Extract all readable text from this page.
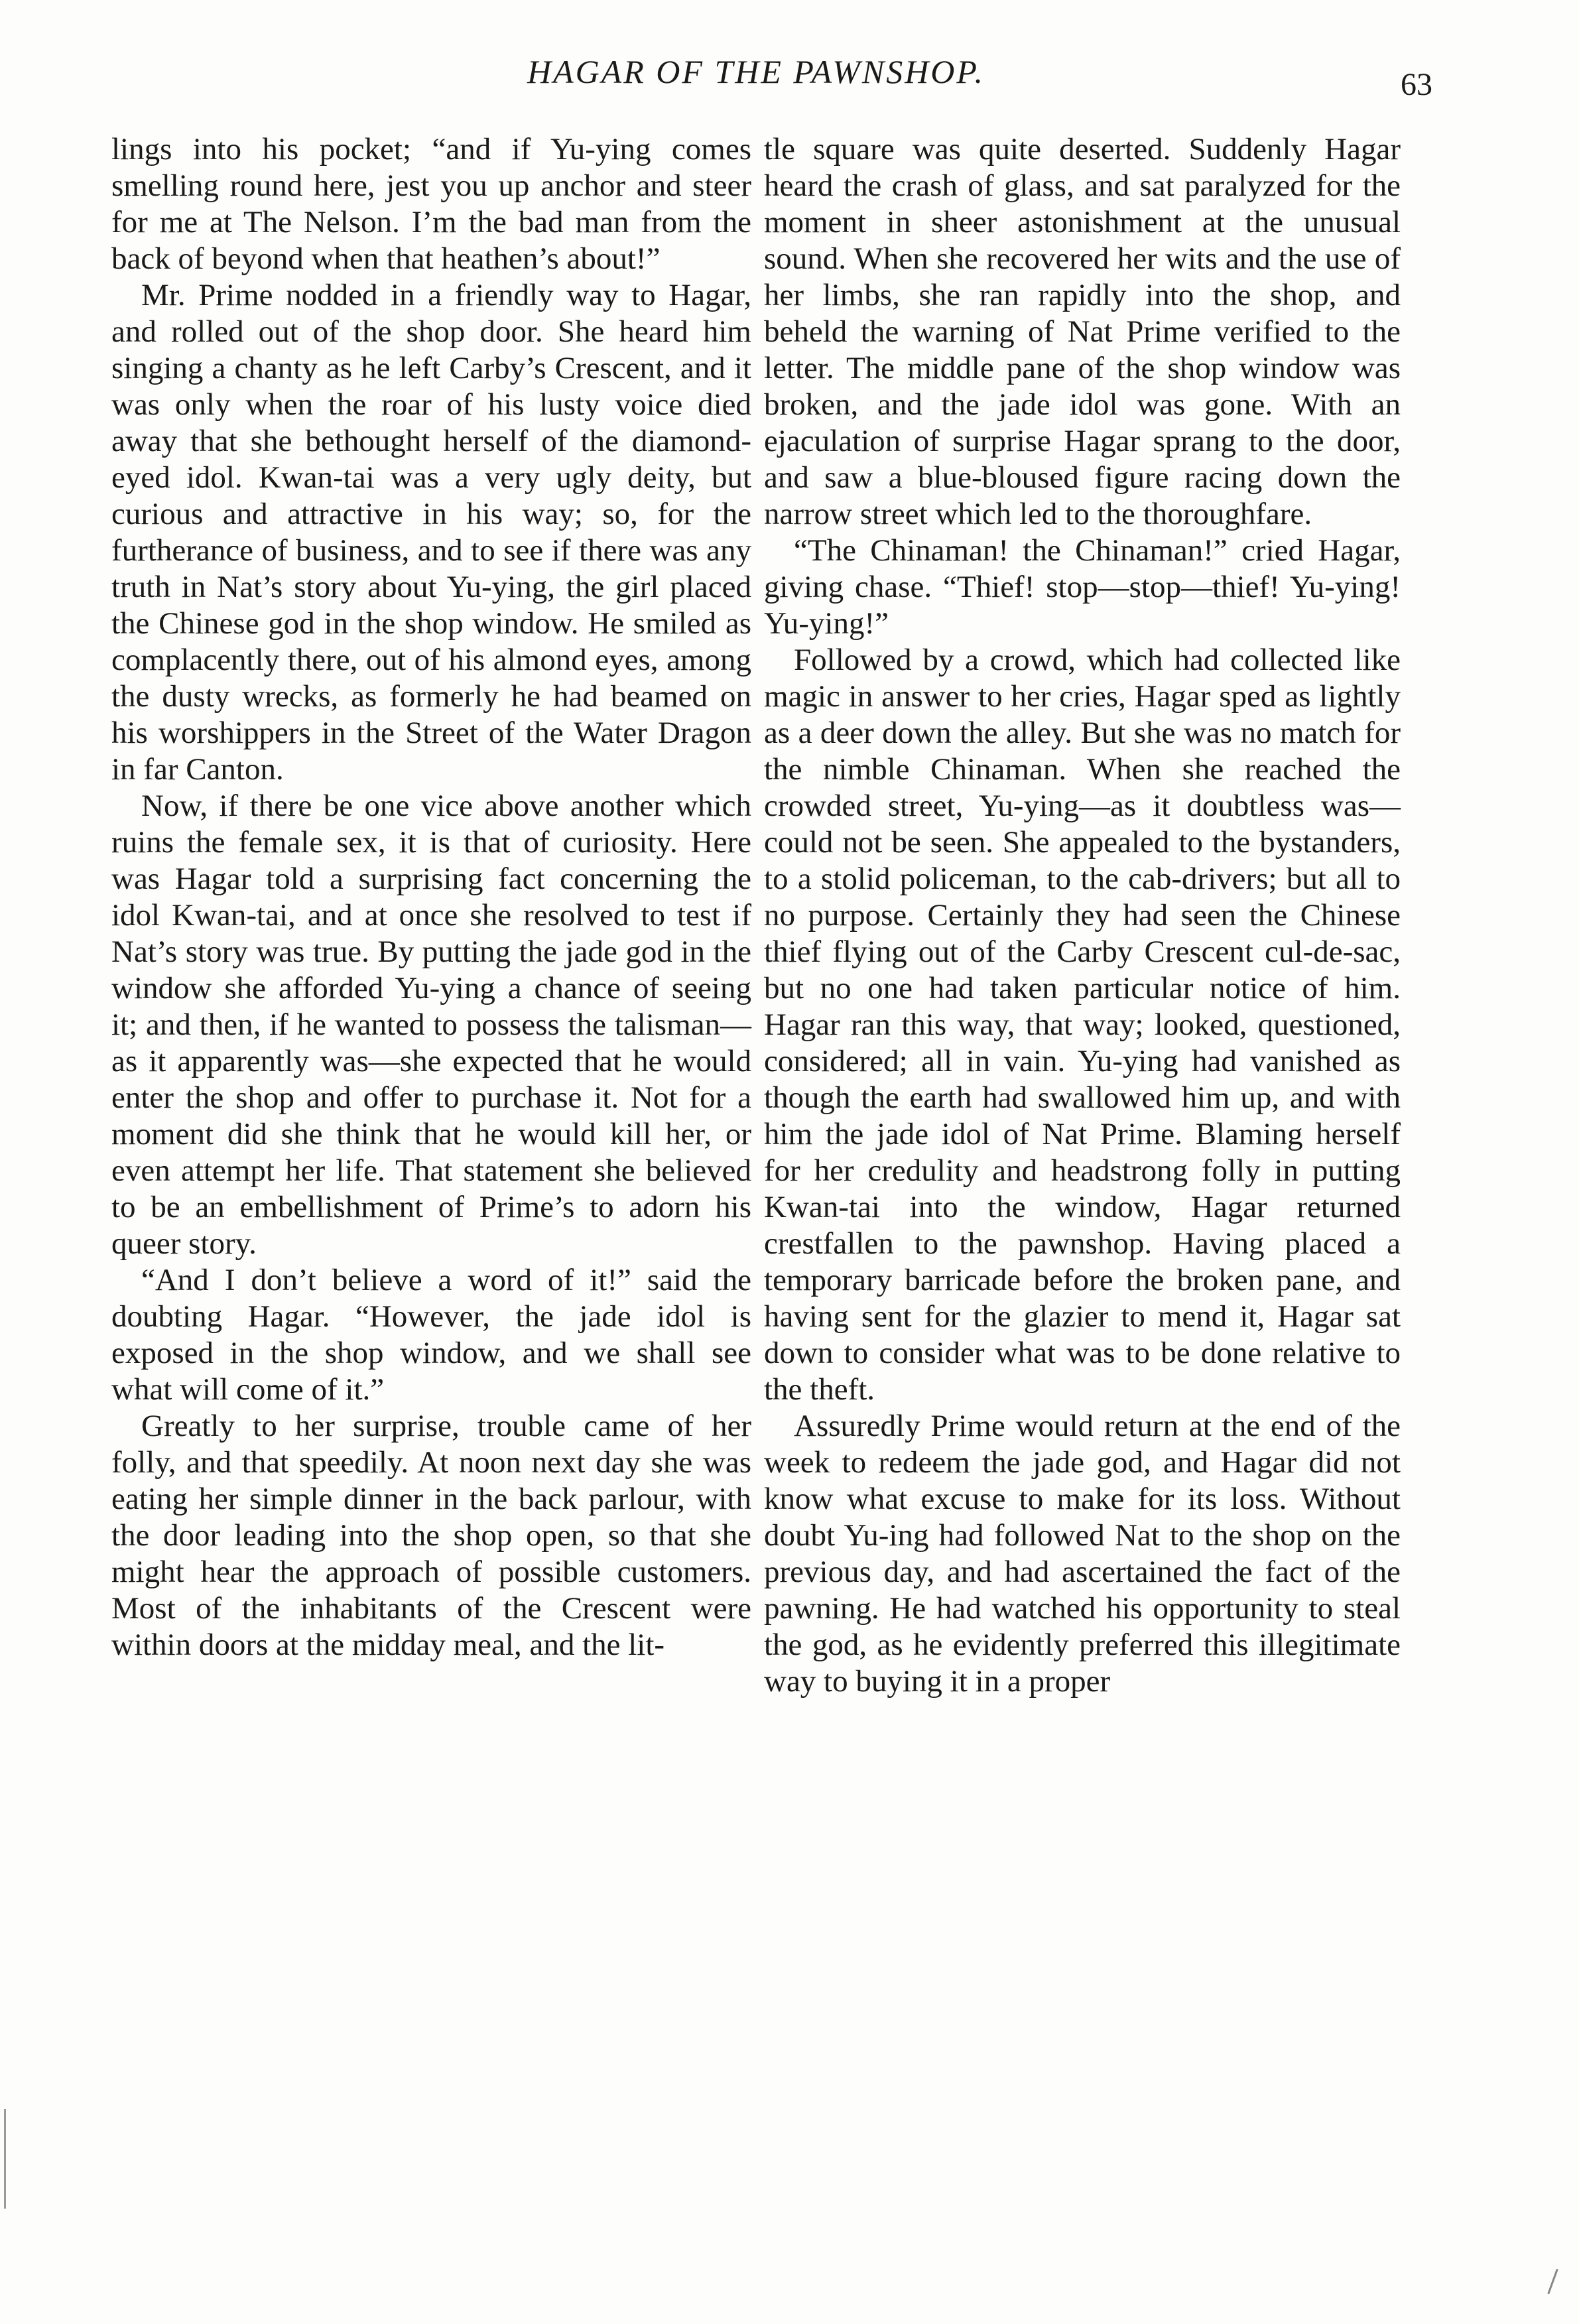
HAGAR OF THE PAWNSHOP.	63

lings into his pocket; “and if Yu-ying comes smelling round here, jest you up anchor and steer for me at The Nelson. I’m the bad man from the back of beyond when that heathen’s about!”

Mr. Prime nodded in a friendly way to Hagar, and rolled out of the shop door. She heard him singing a chanty as he left Carby’s Crescent, and it was only when the roar of his lusty voice died away that she bethought herself of the diamond-eyed idol. Kwan-tai was a very ugly deity, but curious and attractive in his way; so, for the furtherance of business, and to see if there was any truth in Nat’s story about Yu-ying, the girl placed the Chinese god in the shop window. He smiled as complacently there, out of his almond eyes, among the dusty wrecks, as formerly he had beamed on his worshippers in the Street of the Water Dragon in far Canton.

Now, if there be one vice above another which ruins the female sex, it is that of curiosity. Here was Hagar told a surprising fact concerning the idol Kwan-tai, and at once she resolved to test if Nat’s story was true. By putting the jade god in the window she afforded Yu-ying a chance of seeing it; and then, if he wanted to possess the talisman—as it apparently was—she expected that he would enter the shop and offer to purchase it. Not for a moment did she think that he would kill her, or even attempt her life. That statement she believed to be an embellishment of Prime’s to adorn his queer story.

“And I don’t believe a word of it!” said the doubting Hagar. “However, the jade idol is exposed in the shop window, and we shall see what will come of it.”

Greatly to her surprise, trouble came of her folly, and that speedily. At noon next day she was eating her simple dinner in the back parlour, with the door leading into the shop open, so that she might hear the approach of possible customers. Most of the inhabitants of the Crescent were within doors at the midday meal, and the lit-

tle square was quite deserted. Suddenly Hagar heard the crash of glass, and sat paralyzed for the moment in sheer astonishment at the unusual sound. When she recovered her wits and the use of her limbs, she ran rapidly into the shop, and beheld the warning of Nat Prime verified to the letter. The middle pane of the shop window was broken, and the jade idol was gone. With an ejaculation of surprise Hagar sprang to the door, and saw a blue-bloused figure racing down the narrow street which led to the thoroughfare.

“The Chinaman! the Chinaman!” cried Hagar, giving chase. “Thief! stop—stop—thief! Yu-ying! Yu-ying!”

Followed by a crowd, which had collected like magic in answer to her cries, Hagar sped as lightly as a deer down the alley. But she was no match for the nimble Chinaman. When she reached the crowded street, Yu-ying—as it doubtless was—could not be seen. She appealed to the bystanders, to a stolid policeman, to the cab-drivers; but all to no purpose. Certainly they had seen the Chinese thief flying out of the Carby Crescent cul-de-sac, but no one had taken particular notice of him. Hagar ran this way, that way; looked, questioned, considered; all in vain. Yu-ying had vanished as though the earth had swallowed him up, and with him the jade idol of Nat Prime. Blaming herself for her credulity and headstrong folly in putting Kwan-tai into the window, Hagar returned crestfallen to the pawnshop. Having placed a temporary barricade before the broken pane, and having sent for the glazier to mend it, Hagar sat down to consider what was to be done relative to the theft.

Assuredly Prime would return at the end of the week to redeem the jade god, and Hagar did not know what excuse to make for its loss. Without doubt Yu-ing had followed Nat to the shop on the previous day, and had ascertained the fact of the pawning. He had watched his opportunity to steal the god, as he evidently preferred this illegitimate way to buying it in a proper
